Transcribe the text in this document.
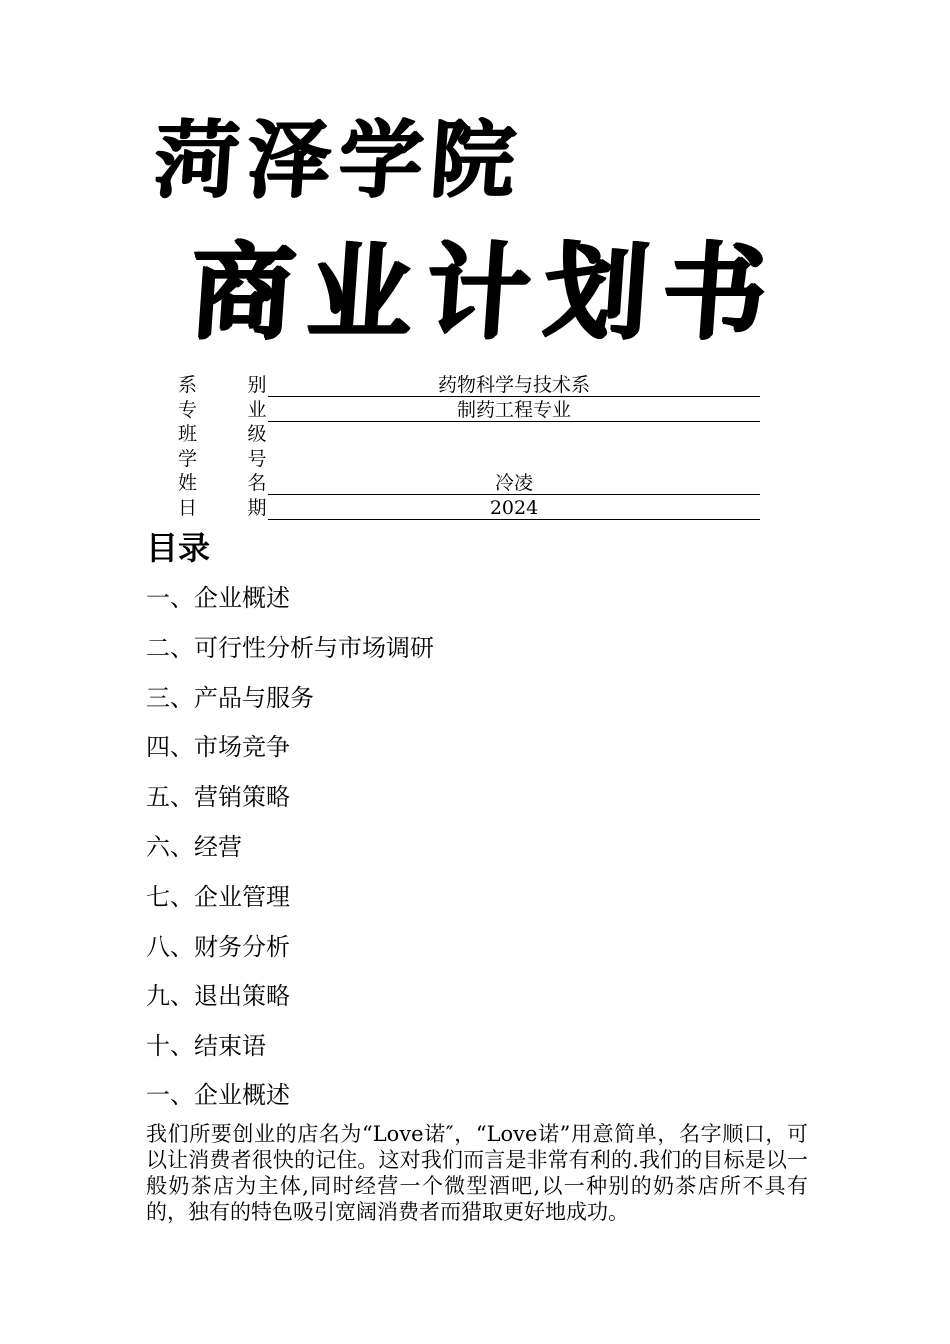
菏泽学院
商业计划书
系	别	药物科学与技术系
专	业	制药工程专业
班	级
学	号
姓	名	冷凌
日	期	2024
目录
一、企业概述
二、可行性分析与市场调研
三、产品与服务
四、市场竞争
五、营销策略
六、经营
七、企业管理
八、财务分析
九、退出策略
十、结束语
一、企业概述

我们所要创业的店名为“Love诺″，“Love诺”用意简单，名字顺口，可以让消费者很快的记住。这对我们而言是非常有利的.我们的目标是以一般奶茶店为主体,同时经营一个微型酒吧,以一种别的奶茶店所不具有的，独有的特色吸引宽阔消费者而猎取更好地成功。
